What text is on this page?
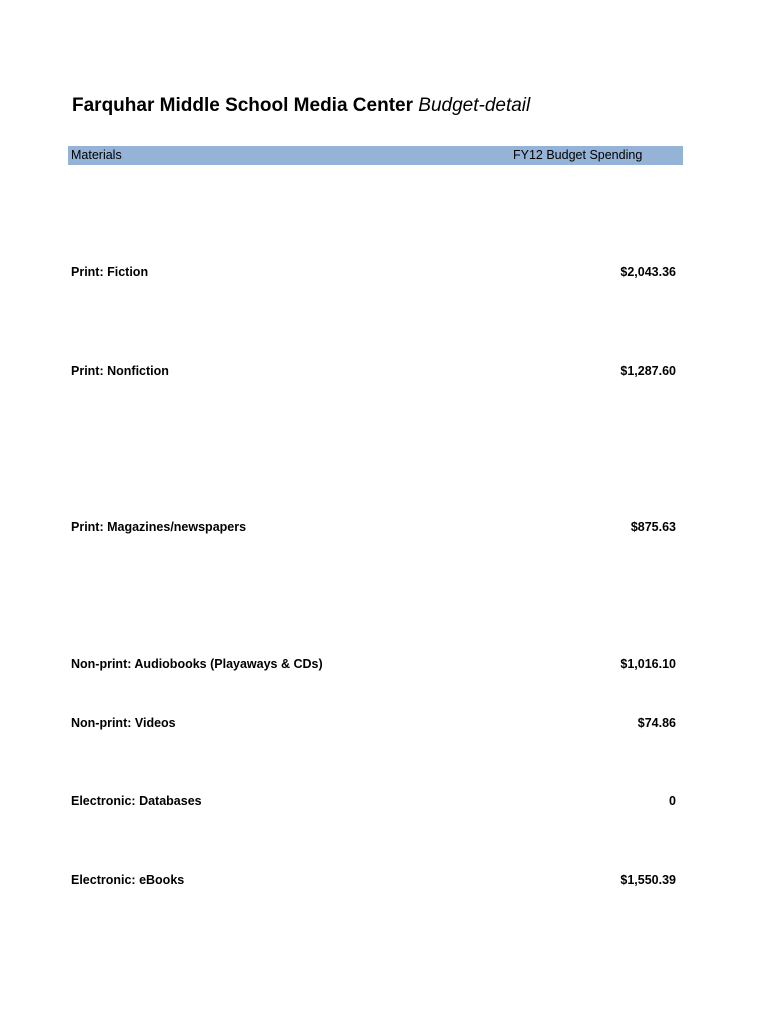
Farquhar Middle School Media Center Budget-detail
Materials	FY12 Budget Spending
Print: Fiction	$2,043.36
Print: Nonfiction	$1,287.60
Print: Magazines/newspapers	$875.63
Non-print: Audiobooks (Playaways & CDs)	$1,016.10
Non-print: Videos	$74.86
Electronic: Databases	0
Electronic: eBooks	$1,550.39
